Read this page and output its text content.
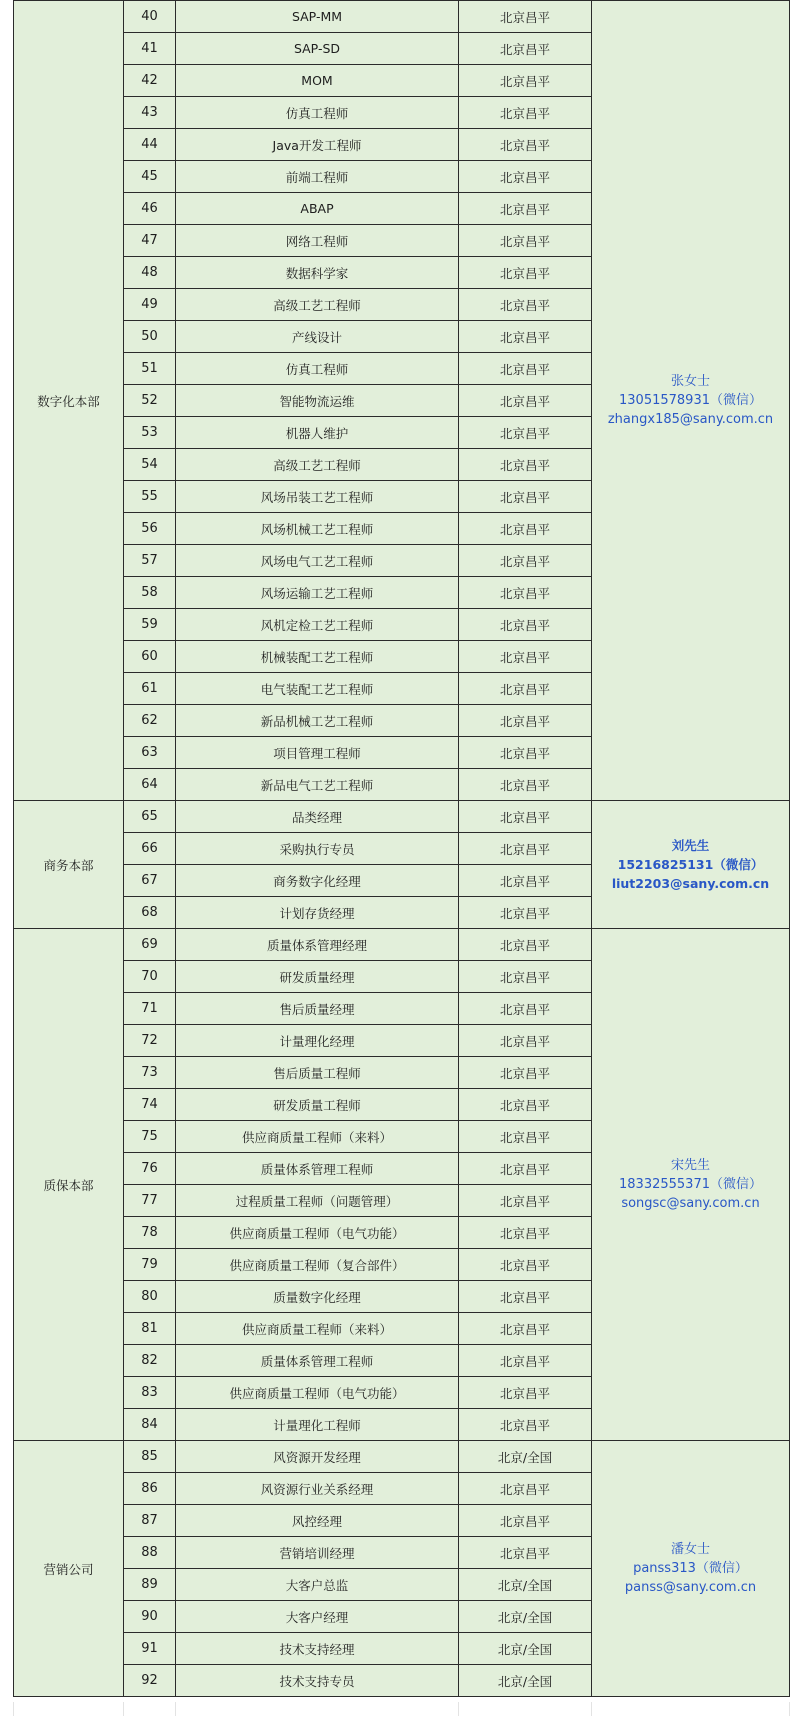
数字化本部	40	SAP-MM	北京昌平	张女士
13051578931（微信）
zhangx185@sany.com.cn

	41	SAP-SD	北京昌平	
	42	MOM	北京昌平	
	43	仿真工程师	北京昌平	
	44	Java开发工程师	北京昌平	
	45	前端工程师	北京昌平	
	46	ABAP	北京昌平	
	47	网络工程师	北京昌平	
	48	数据科学家	北京昌平	
	49	高级工艺工程师	北京昌平	
	50	产线设计	北京昌平	
	51	仿真工程师	北京昌平	
	52	智能物流运维	北京昌平	
	53	机器人维护	北京昌平	
	54	高级工艺工程师	北京昌平	
	55	风场吊装工艺工程师	北京昌平	
	56	风场机械工艺工程师	北京昌平	
	57	风场电气工艺工程师	北京昌平	
	58	风场运输工艺工程师	北京昌平	
	59	风机定检工艺工程师	北京昌平	
	60	机械装配工艺工程师	北京昌平	
	61	电气装配工艺工程师	北京昌平	
	62	新品机械工艺工程师	北京昌平	
	63	项目管理工程师	北京昌平	
	64	新品电气工艺工程师	北京昌平	
商务本部	65	品类经理	北京昌平	刘先生
15216825131（微信）
liut2203@sany.com.cn

	66	采购执行专员	北京昌平	
	67	商务数字化经理	北京昌平	
	68	计划存货经理	北京昌平	
质保本部	69	质量体系管理经理	北京昌平	宋先生
18332555371（微信）
songsc@sany.com.cn

	70	研发质量经理	北京昌平	
	71	售后质量经理	北京昌平	
	72	计量理化经理	北京昌平	
	73	售后质量工程师	北京昌平	
	74	研发质量工程师	北京昌平	
	75	供应商质量工程师（来料）	北京昌平	
	76	质量体系管理工程师	北京昌平	
	77	过程质量工程师（问题管理）	北京昌平	
	78	供应商质量工程师（电气功能）	北京昌平	
	79	供应商质量工程师（复合部件）	北京昌平	
	80	质量数字化经理	北京昌平	
	81	供应商质量工程师（来料）	北京昌平	
	82	质量体系管理工程师	北京昌平	
	83	供应商质量工程师（电气功能）	北京昌平	
	84	计量理化工程师	北京昌平	
营销公司	85	风资源开发经理	北京/全国	潘女士
panss313（微信）
panss@sany.com.cn

	86	风资源行业关系经理	北京昌平	
	87	风控经理	北京昌平	
	88	营销培训经理	北京昌平	
	89	大客户总监	北京/全国	
	90	大客户经理	北京/全国	
	91	技术支持经理	北京/全国	
	92	技术支持专员	北京/全国	
